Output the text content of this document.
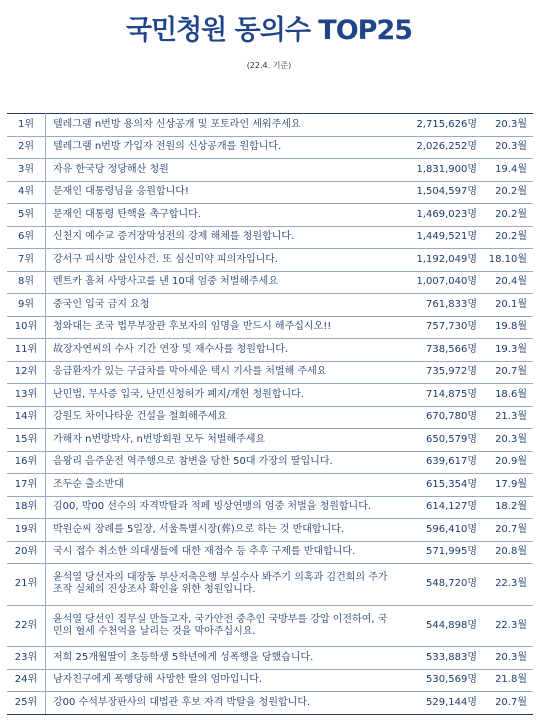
국민청원 동의수 TOP25
(22.4. 기준)
1위	텔레그램 n번방 용의자 신상공개 및 포토라인 세워주세요	2,715,626명	20.3월
2위	텔레그램 n번방 가입자 전원의 신상공개를 원합니다.	2,026,252명	20.3월
3위	자유 한국당 정당해산 청원	1,831,900명	19.4월
4위	문재인 대통령님을 응원합니다!	1,504,597명	20.2월
5위	문재인 대통령 탄핵을 촉구합니다.	1,469,023명	20.2월
6위	신천지 예수교 증거장막성전의 강제 해체를 청원합니다.	1,449,521명	20.2월
7위	강서구 피시방 살인사건. 또 심신미약 피의자입니다.	1,192,049명	18.10월
8위	렌트카 훔쳐 사망사고를 낸 10대 엄중 처벌해주세요	1,007,040명	20.4월
9위	중국인 입국 금지 요청	761,833명	20.1월
10위	청와대는 조국 법무부장관 후보자의 임명을 반드시 해주십시오!!	757,730명	19.8월
11위	故장자연씨의 수사 기간 연장 및 재수사를 청원합니다.	738,566명	19.3월
12위	응급환자가 있는 구급차를 막아세운 택시 기사를 처벌해 주세요	735,972명	20.7월
13위	난민법, 무사증 입국, 난민신청허가 폐지/개헌 청원합니다.	714,875명	18.6월
14위	강원도 차이나타운 건설을 철회해주세요	670,780명	21.3월
15위	가해자 n번방박사, n번방회원 모두 처벌해주세요	650,579명	20.3월
16위	음왕리 음주운전 역주행으로 참변을 당한 50대 가장의 딸입니다.	639,617명	20.9월
17위	조두순 출소반대	615,354명	17.9월
18위	김00, 박00 선수의 자격박탈과 적페 빙상연맹의 엄중 처벌을 청원합니다.	614,127명	18.2월
19위	박원순씨 장례를 5일장, 서울특별시장(葬)으로 하는 것 반대합니다.	596,410명	20.7월
20위	국시 접수 취소한 의대생들에 대한 재접수 등 추후 구제를 반대합니다.	571,995명	20.8월
21위	윤석열 당선자의 대장동 부산저축은행 부실수사 봐주기 의혹과 김건희의 주가조작 실체의 진상조사 확인을 위한 청원입니다.	548,720명	22.3월
22위	윤석열 당선인 집무실 만들고자, 국가안전 중추인 국방부를 강압 이전하여, 국민의 혈세 수천억을 날리는 것을 막아주십시요.	544,898명	22.3월
23위	저희 25개월딸이 초등학생 5학년에게 성폭행을 당했습니다.	533,883명	20.3월
24위	남자친구에게 폭행당해 사망한 딸의 엄마입니다.	530,569명	21.8월
25위	강00 수석부장판사의 대법관 후보 자격 박탈을 청원합니다.	529,144명	20.7월
